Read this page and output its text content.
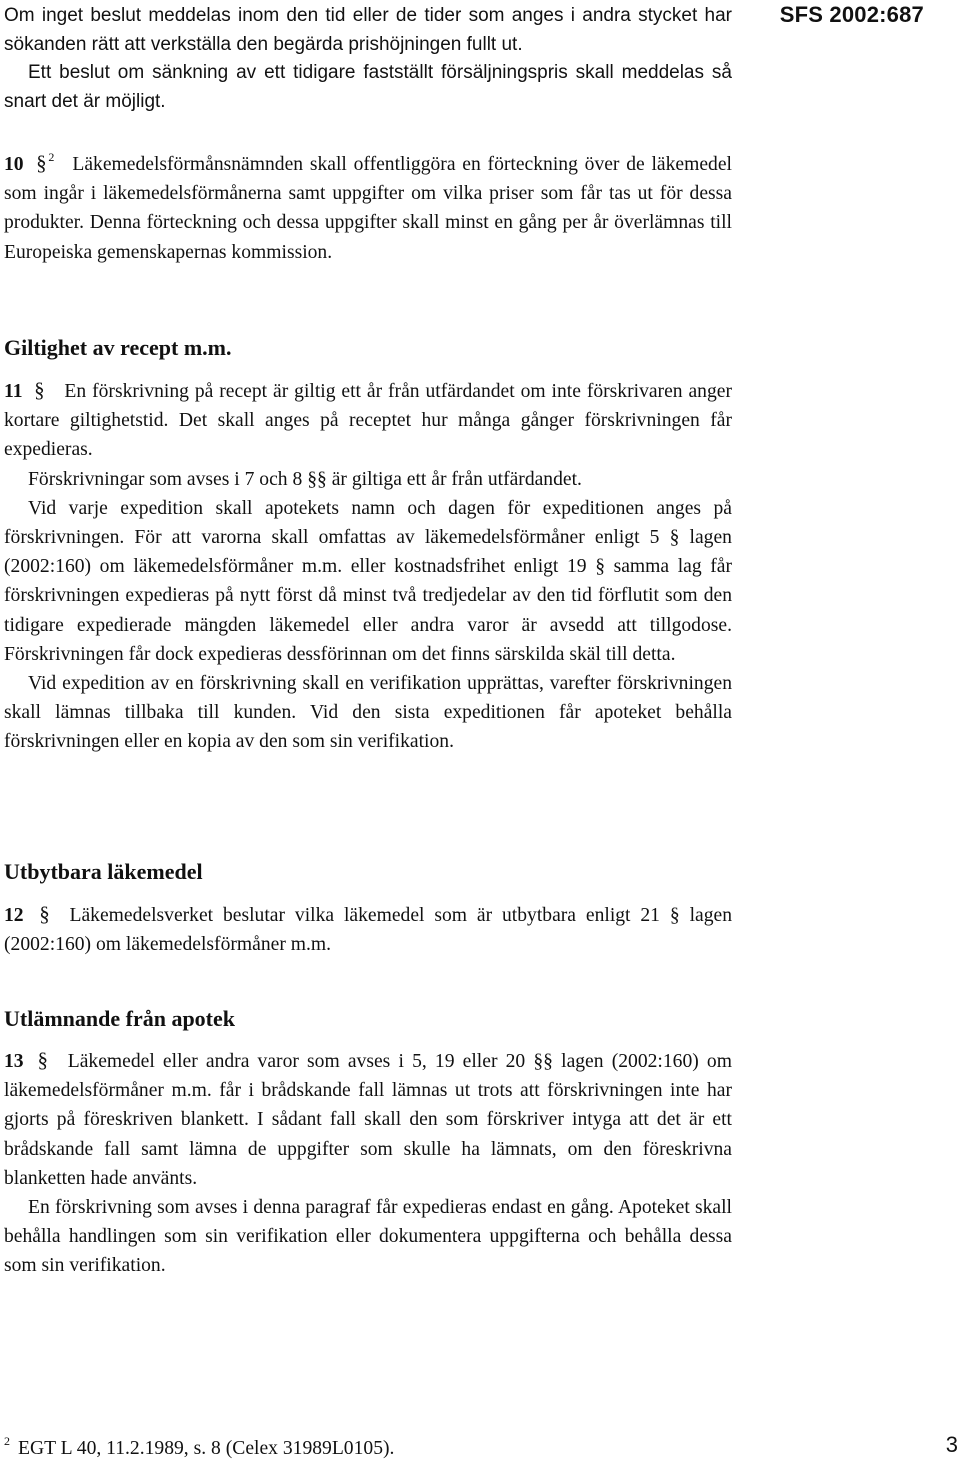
SFS 2002:687

Om inget beslut meddelas inom den tid eller de tider som anges i andra stycket har sökanden rätt att verkställa den begärda prishöjningen fullt ut.

Ett beslut om sänkning av ett tidigare fastställt försäljningspris skall meddelas så snart det är möjligt.

10 § $^2$ Läkemedelsförmånsnämnden skall offentliggöra en förteckning över de läkemedel som ingår i läkemedelsförmånerna samt uppgifter om vilka priser som får tas ut för dessa produkter. Denna förteckning och dessa uppgifter skall minst en gång per år överlämnas till Europeiska gemenskapernas kommission.

Giltighet av recept m.m.

11 § En förskrivning på recept är giltig ett år från utfärdandet om inte förskrivaren anger kortare giltighetstid. Det skall anges på receptet hur många gånger förskrivningen får expedieras.

Förskrivningar som avses i 7 och 8 §§ är giltiga ett år från utfärdandet.

Vid varje expedition skall apotekets namn och dagen för expeditionen anges på förskrivningen. För att varorna skall omfattas av läkemedelsförmåner enligt 5 § lagen (2002:160) om läkemedelsförmåner m.m. eller kostnadsfrihet enligt 19 § samma lag får förskrivningen expedieras på nytt först då minst två tredjedelar av den tid förflutit som den tidigare expedierade mängden läkemedel eller andra varor är avsedd att tillgodose. Förskrivningen får dock expedieras dessförinnan om det finns särskilda skäl till detta.

Vid expedition av en förskrivning skall en verifikation upprättas, varefter förskrivningen skall lämnas tillbaka till kunden. Vid den sista expeditionen får apoteket behålla förskrivningen eller en kopia av den som sin verifikation.

Utbytbara läkemedel

12 § Läkemedelsverket beslutar vilka läkemedel som är utbytbara enligt 21 § lagen (2002:160) om läkemedelsförmåner m.m.

Utlämnande från apotek

13 § Läkemedel eller andra varor som avses i 5, 19 eller 20 §§ lagen (2002:160) om läkemedelsförmåner m.m. får i brådskande fall lämnas ut trots att förskrivningen inte har gjorts på föreskriven blankett. I sådant fall skall den som förskriver intyga att det är ett brådskande fall samt lämna de uppgifter som skulle ha lämnats, om den föreskrivna blanketten hade använts.

En förskrivning som avses i denna paragraf får expedieras endast en gång. Apoteket skall behålla handlingen som sin verifikation eller dokumentera uppgifterna och behålla dessa som sin verifikation.

$^2$ EGT L 40, 11.2.1989, s. 8 (Celex 31989L0105).	3
